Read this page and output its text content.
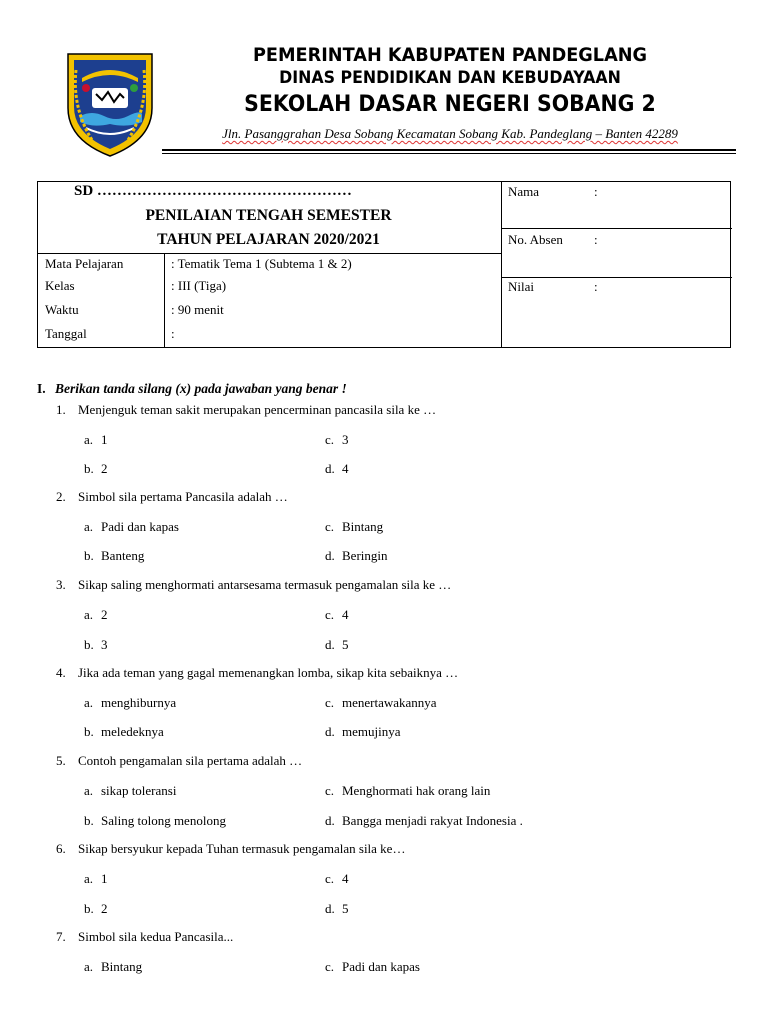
PEMERINTAH KABUPATEN PANDEGLANG
DINAS PENDIDIKAN DAN KEBUDAYAAN
SEKOLAH DASAR NEGERI SOBANG 2
Jln. Pasanggrahan Desa Sobang Kecamatan Sobang Kab. Pandeglang – Banten 42289
SD ……………………………………………
PENILAIAN TENGAH SEMESTER
TAHUN PELAJARAN 2020/2021
Mata Pelajaran	: Tematik Tema 1 (Subtema 1 & 2)
Kelas	: III (Tiga)
Waktu	: 90 menit
Tanggal	:
Nama	:
No. Absen :
Nilai	:
I. Berikan tanda silang (x) pada jawaban yang benar !
1. Menjenguk teman sakit merupakan pencerminan pancasila sila ke …
a. 1	c. 3
b. 2	d. 4
2. Simbol sila pertama Pancasila adalah …
a. Padi dan kapas	c. Bintang
b. Banteng	d. Beringin
3. Sikap saling menghormati antarsesama termasuk pengamalan sila ke …
a. 2	c. 4
b. 3	d. 5
4. Jika ada teman yang gagal memenangkan lomba, sikap kita sebaiknya …
a. menghiburnya	c. menertawakannya
b. meledeknya	d. memujinya
5. Contoh pengamalan sila pertama adalah …
a. sikap toleransi	c. Menghormati hak orang lain
b. Saling tolong menolong	d. Bangga menjadi rakyat Indonesia .
6. Sikap bersyukur kepada Tuhan termasuk pengamalan sila ke…
a. 1	c. 4
b. 2	d. 5
7. Simbol sila kedua Pancasila...
a. Bintang	c. Padi dan kapas
